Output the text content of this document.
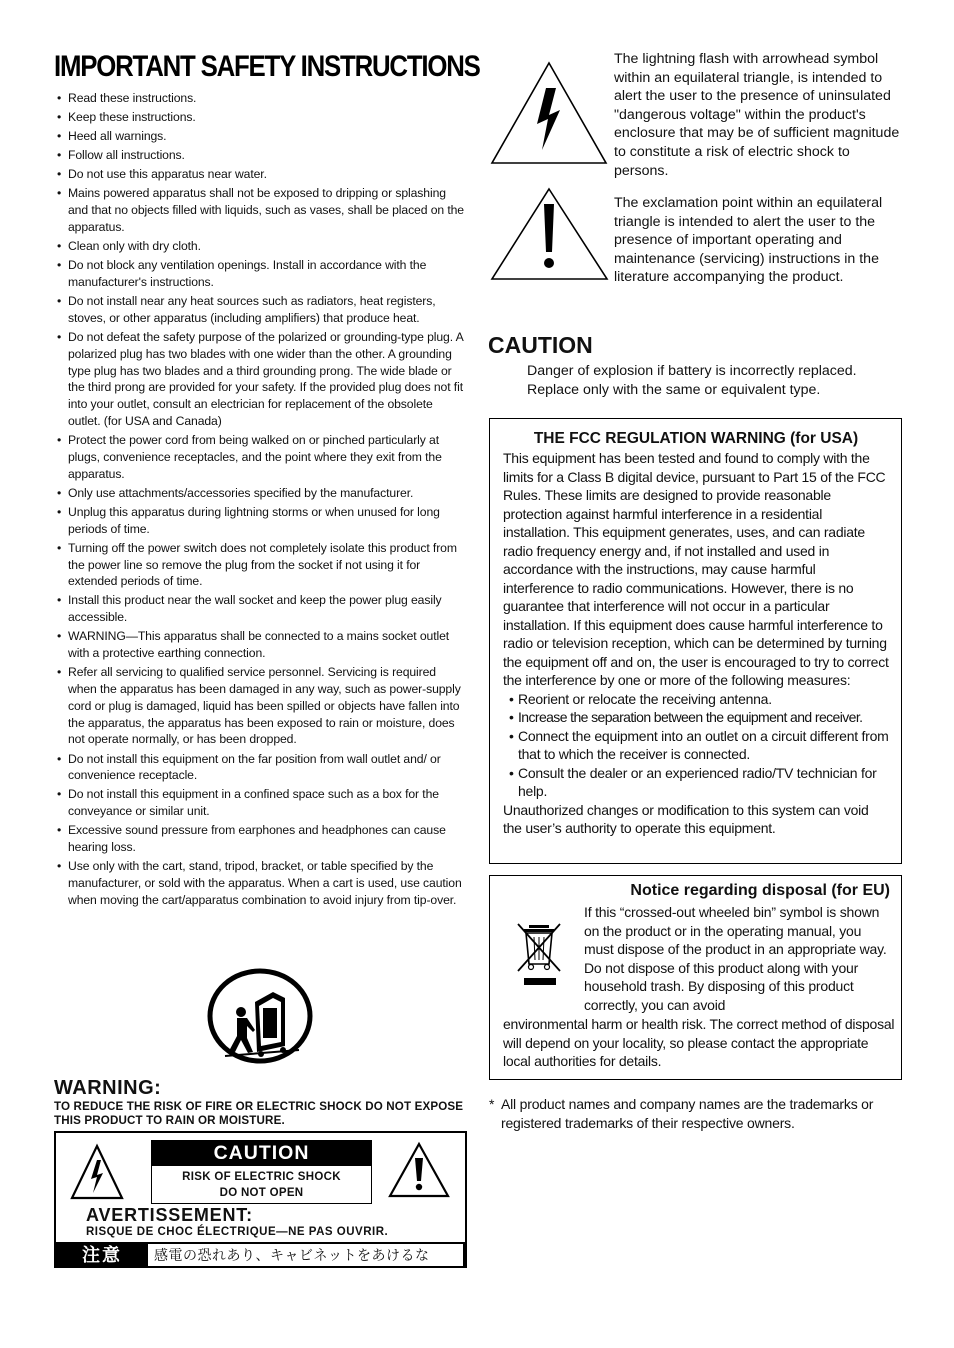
IMPORTANT SAFETY INSTRUCTIONS
• Read these instructions.
• Keep these instructions.
• Heed all warnings.
• Follow all instructions.
• Do not use this apparatus near water.
• Mains powered apparatus shall not be exposed to dripping or splashing and that no objects filled with liquids, such as vases, shall be placed on the apparatus.
• Clean only with dry cloth.
• Do not block any ventilation openings. Install in accordance with the manufacturer's instructions.
• Do not install near any heat sources such as radiators, heat registers, stoves, or other apparatus (including amplifiers) that produce heat.
• Do not defeat the safety purpose of the polarized or grounding-type plug. A polarized plug has two blades with one wider than the other. A grounding type plug has two blades and a third grounding prong. The wide blade or the third prong are provided for your safety. If the provided plug does not fit into your outlet, consult an electrician for replacement of the obsolete outlet. (for USA and Canada)
• Protect the power cord from being walked on or pinched particularly at plugs, convenience receptacles, and the point where they exit from the apparatus.
• Only use attachments/accessories specified by the manufacturer.
• Unplug this apparatus during lightning storms or when unused for long periods of time.
• Turning off the power switch does not completely isolate this product from the power line so remove the plug from the socket if not using it for extended periods of time.
• Install this product near the wall socket and keep the power plug easily accessible.
• WARNING—This apparatus shall be connected to a mains socket outlet with a protective earthing connection.
• Refer all servicing to qualified service personnel. Servicing is required when the apparatus has been damaged in any way, such as power-supply cord or plug is damaged, liquid has been spilled or objects have fallen into the apparatus, the apparatus has been exposed to rain or moisture, does not operate normally, or has been dropped.
• Do not install this equipment on the far position from wall outlet and/ or convenience receptacle.
• Do not install this equipment in a confined space such as a box for the conveyance or similar unit.
• Excessive sound pressure from earphones and headphones can cause hearing loss.
• Use only with the cart, stand, tripod, bracket, or table specified by the manufacturer, or sold with the apparatus. When a cart is used, use caution when moving the cart/apparatus combination to avoid injury from tip-over.
WARNING:
TO REDUCE THE RISK OF FIRE OR ELECTRIC SHOCK DO NOT EXPOSE THIS PRODUCT TO RAIN OR MOISTURE.
CAUTION
RISK OF ELECTRIC SHOCK
DO NOT OPEN
AVERTISSEMENT:
RISQUE DE CHOC ÉLECTRIQUE—NE PAS OUVRIR.
注意	感電の恐れあり、キャビネットをあけるな

The lightning flash with arrowhead symbol within an equilateral triangle, is intended to alert the user to the presence of uninsulated "dangerous voltage" within the product's enclosure that may be of sufficient magnitude to constitute a risk of electric shock to persons.

The exclamation point within an equilateral triangle is intended to alert the user to the presence of important operating and maintenance (servicing) instructions in the literature accompanying the product.

CAUTION
Danger of explosion if battery is incorrectly replaced. Replace only with the same or equivalent type.
THE FCC REGULATION WARNING (for USA)
This equipment has been tested and found to comply with the limits for a Class B digital device, pursuant to Part 15 of the FCC Rules. These limits are designed to provide reasonable protection against harmful interference in a residential installation. This equipment generates, uses, and can radiate radio frequency energy and, if not installed and used in accordance with the instructions, may cause harmful interference to radio communications. However, there is no guarantee that interference will not occur in a particular installation. If this equipment does cause harmful interference to radio or television reception, which can be determined by turning the equipment off and on, the user is encouraged to try to correct the interference by one or more of the following measures:
• Reorient or relocate the receiving antenna.
• Increase the separation between the equipment and receiver.
• Connect the equipment into an outlet on a circuit different from that to which the receiver is connected.
• Consult the dealer or an experienced radio/TV technician for help.
Unauthorized changes or modification to this system can void the user’s authority to operate this equipment.
Notice regarding disposal (for EU)
If this “crossed-out wheeled bin” symbol is shown on the product or in the operating manual, you must dispose of the product in an appropriate way. Do not dispose of this product along with your household trash. By disposing of this product correctly, you can avoid
environmental harm or health risk. The correct method of disposal will depend on your locality, so please contact the appropriate local authorities for details.
* All product names and company names are the trademarks or registered trademarks of their respective owners.
